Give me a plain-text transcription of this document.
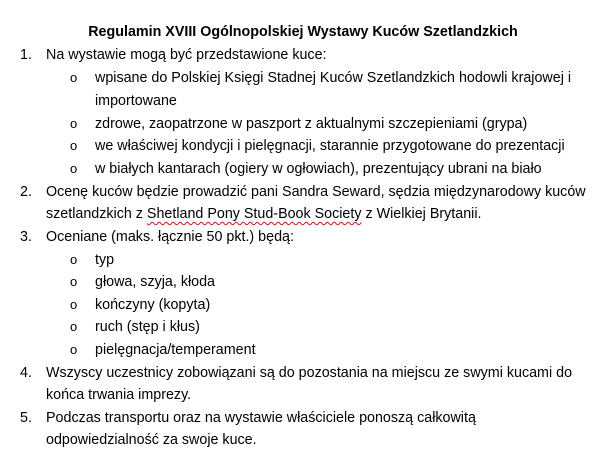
Regulamin XVIII Ogólnopolskiej Wystawy Kuców Szetlandzkich
1. Na wystawie mogą być przedstawione kuce:
o wpisane do Polskiej Księgi Stadnej Kuców Szetlandzkich hodowli krajowej i
importowane
o zdrowe, zaopatrzone w paszport z aktualnymi szczepieniami (grypa)
o we właściwej kondycji i pielęgnacji, starannie przygotowane do prezentacji
o w białych kantarach (ogiery w ogłowiach), prezentujący ubrani na biało
2. Ocenę kuców będzie prowadzić pani Sandra Seward, sędzia międzynarodowy kuców
szetlandzkich z Shetland Pony Stud-Book Society z Wielkiej Brytanii.
3. Oceniane (maks. łącznie 50 pkt.) będą:
o typ
o głowa, szyja, kłoda
o kończyny (kopyta)
o ruch (stęp i kłus)
o pielęgnacja/temperament
4. Wszyscy uczestnicy zobowiązani są do pozostania na miejscu ze swymi kucami do
końca trwania imprezy.
5. Podczas transportu oraz na wystawie właściciele ponoszą całkowitą
odpowiedzialność za swoje kuce.
